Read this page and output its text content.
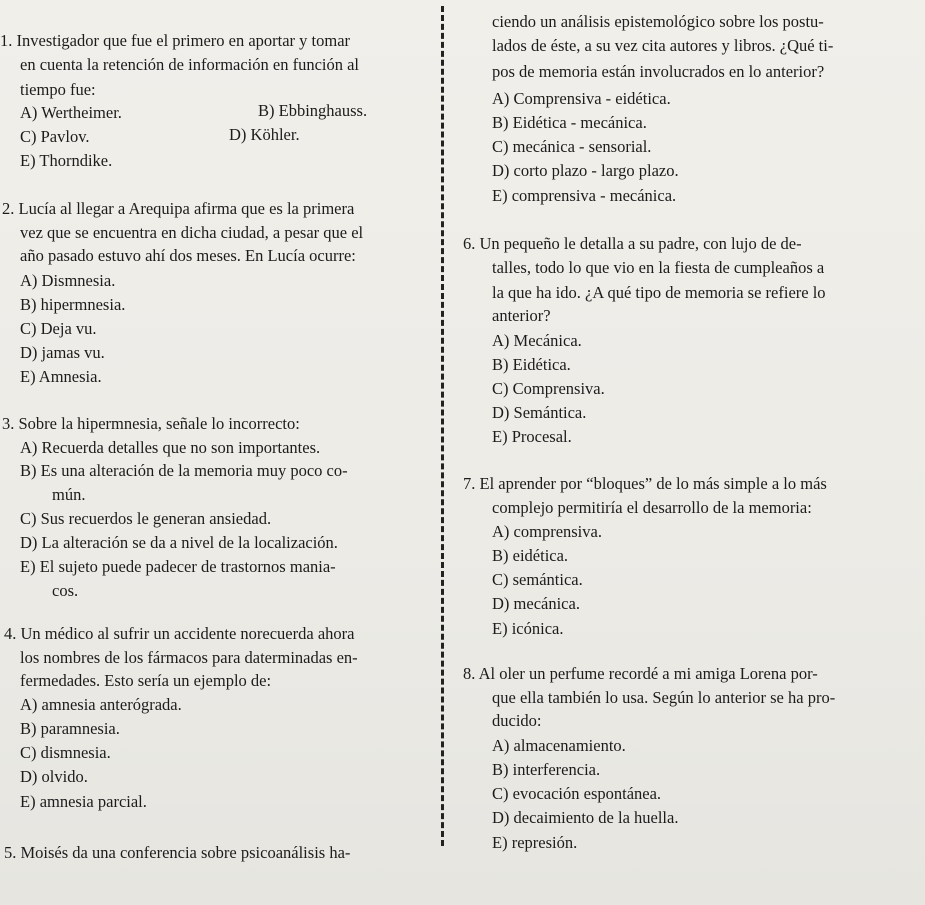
1. Investigador que fue el primero en aportar y tomar
en cuenta la retención de información en función al
tiempo fue:
A) Wertheimer.	B) Ebbinghauss.
C) Pavlov.	D) Köhler.
E) Thorndike.
2. Lucía al llegar a Arequipa afirma que es la primera
vez que se encuentra en dicha ciudad, a pesar que el
año pasado estuvo ahí dos meses. En Lucía ocurre:
A) Dismnesia.
B) hipermnesia.
C) Deja vu.
D) jamas vu.
E) Amnesia.
3. Sobre la hipermnesia, señale lo incorrecto:
A) Recuerda detalles que no son importantes.
B) Es una alteración de la memoria muy poco co-
mún.
C) Sus recuerdos le generan ansiedad.
D) La alteración se da a nivel de la localización.
E) El sujeto puede padecer de trastornos mania-
cos.
4. Un médico al sufrir un accidente norecuerda ahora
los nombres de los fármacos para daterminadas en-
fermedades. Esto sería un ejemplo de:
A) amnesia anterógrada.
B) paramnesia.
C) dismnesia.
D) olvido.
E) amnesia parcial.
5. Moisés da una conferencia sobre psicoanálisis ha-
ciendo un análisis epistemológico sobre los postu-
lados de éste, a su vez cita autores y libros. ¿Qué ti-
pos de memoria están involucrados en lo anterior?
A) Comprensiva - eidética.
B) Eidética - mecánica.
C) mecánica - sensorial.
D) corto plazo - largo plazo.
E) comprensiva - mecánica.
6. Un pequeño le detalla a su padre, con lujo de de-
talles, todo lo que vio en la fiesta de cumpleaños a
la que ha ido. ¿A qué tipo de memoria se refiere lo
anterior?
A) Mecánica.
B) Eidética.
C) Comprensiva.
D) Semántica.
E) Procesal.
7. El aprender por “bloques” de lo más simple a lo más
complejo permitiría el desarrollo de la memoria:
A) comprensiva.
B) eidética.
C) semántica.
D) mecánica.
E) icónica.
8. Al oler un perfume recordé a mi amiga Lorena por-
que ella también lo usa. Según lo anterior se ha pro-
ducido:
A) almacenamiento.
B) interferencia.
C) evocación espontánea.
D) decaimiento de la huella.
E) represión.
